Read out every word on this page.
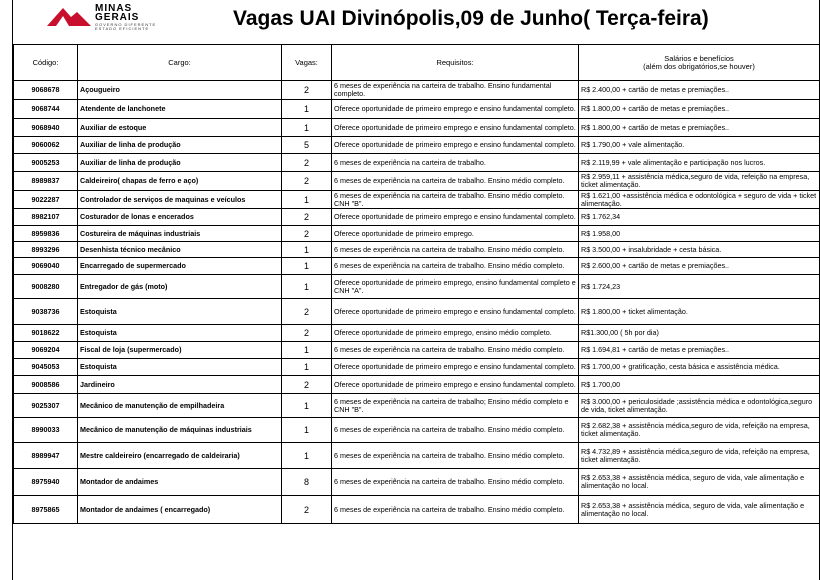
MINAS
GERAIS
GOVERNO DIFERENTE
ESTADO EFICIENTE	Vagas UAI Divinópolis,09 de Junho( Terça-feira)
Código:	Cargo:	Vagas:	Requisitos:	Salários e benefícios
(além dos obrigatórios,se houver)

9068678	Açougueiro	2	6 meses de experiência na carteira de trabalho. Ensino fundamental completo.	R$ 2.400,00 + cartão de metas e premiações..
9068744	Atendente de lanchonete	1	Oferece oportunidade de primeiro emprego e ensino fundamental completo.	R$ 1.800,00 + cartão de metas e premiações..
9068940	Auxiliar de estoque	1	Oferece oportunidade de primeiro emprego e ensino fundamental completo.	R$ 1.800,00 + cartão de metas e premiações..
9060062	Auxiliar de linha de produção	5	Oferece oportunidade de primeiro emprego e ensino fundamental completo.	R$ 1.790,00 + vale alimentação.
9005253	Auxiliar de linha de produção	2	6 meses de experiência na carteira de trabalho.	R$ 2.119,99 + vale alimentação e participação nos lucros.
8989837	Caldeireiro( chapas de ferro e aço)	2	6 meses de experiência na carteira de trabalho. Ensino médio completo.	R$ 2.959,11 + assistência médica,seguro de vida, refeição na empresa, ticket alimentação.
9022287	Controlador de serviços de maquinas e veículos	1	6 meses de experiência na carteira de trabalho. Ensino médio completo. CNH "B".	R$ 1.621,00 +assistência médica e odontológica + seguro de vida + ticket alimentação.
8982107	Costurador de lonas e encerados	2	Oferece oportunidade de primeiro emprego e ensino fundamental completo.	R$ 1.762,34
8959836	Costureira de máquinas industriais	2	Oferece oportunidade de primeiro emprego.	R$ 1.958,00
8993296	Desenhista técnico mecânico	1	6 meses de experiência na carteira de trabalho. Ensino médio completo.	R$ 3.500,00 + insalubridade + cesta básica.
9069040	Encarregado de supermercado	1	6 meses de experiência na carteira de trabalho. Ensino médio completo.	R$ 2.600,00 + cartão de metas e premiações..
9008280	Entregador de gás (moto)	1	Oferece oportunidade de primeiro emprego, ensino fundamental completo e CNH "A".	R$ 1.724,23
9038736	Estoquista	2	Oferece oportunidade de primeiro emprego e ensino fundamental completo.	R$ 1.800,00 + ticket alimentação.
9018622	Estoquista	2	Oferece oportunidade de primeiro emprego, ensino médio completo.	R$1.300,00 ( 5h por dia)
9069204	Fiscal de loja (supermercado)	1	6 meses de experiência na carteira de trabalho. Ensino médio completo.	R$ 1.694,81 + cartão de metas e premiações..
9045053	Estoquista	1	Oferece oportunidade de primeiro emprego e ensino fundamental completo.	R$ 1.700,00 + gratificação, cesta básica e assistência médica.
9008586	Jardineiro	2	Oferece oportunidade de primeiro emprego e ensino fundamental completo.	R$ 1.700,00
9025307	Mecânico de manutenção de empilhadeira	1	6 meses de experiência na carteira de trabalho; Ensino médio completo e CNH "B".	R$ 3.000,00 + periculosidade ;assistência médica e odontológica,seguro de vida, ticket alimentação.
8990033	Mecânico de manutenção de máquinas industriais	1	6 meses de experiência na carteira de trabalho. Ensino médio completo.	R$ 2.682,38 + assistência médica,seguro de vida, refeição na empresa, ticket alimentação.
8989947	Mestre caldeireiro (encarregado de caldeiraria)	1	6 meses de experiência na carteira de trabalho. Ensino médio completo.	R$ 4.732,89 + assistência médica,seguro de vida, refeição na empresa, ticket alimentação.
8975940	Montador de andaimes	8	6 meses de experiência na carteira de trabalho. Ensino médio completo.	R$ 2.653,38 + assistência médica, seguro de vida, vale alimentação e alimentação no local.
8975865	Montador de andaimes ( encarregado)	2	6 meses de experiência na carteira de trabalho. Ensino médio completo.	R$ 2.653,38 + assistência médica, seguro de vida, vale alimentação e alimentação no local.
